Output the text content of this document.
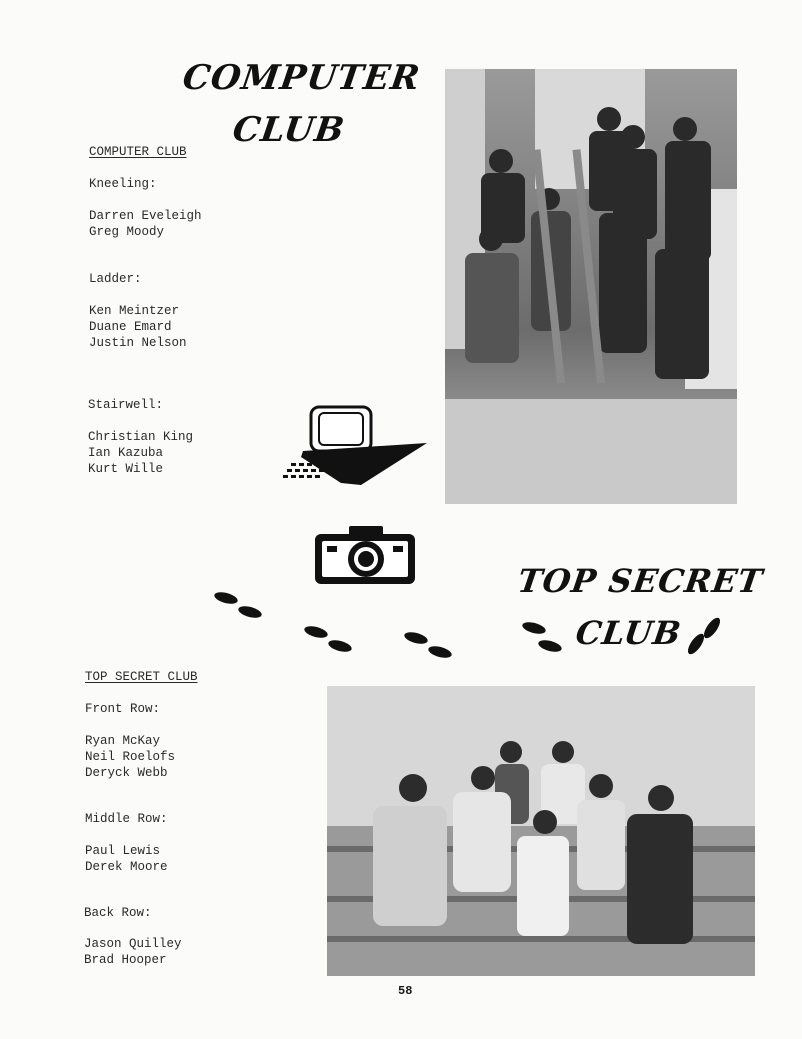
COMPUTER
CLUB
COMPUTER CLUB
Kneeling:
Darren Eveleigh
Greg Moody
Ladder:
Ken Meintzer
Duane Emard
Justin Nelson
Stairwell:
Christian King
Ian Kazuba
Kurt Wille
TOP SECRET
CLUB
TOP SECRET CLUB
Front Row:
Ryan McKay
Neil Roelofs
Deryck Webb
Middle Row:
Paul Lewis
Derek Moore
Back Row:
Jason Quilley
Brad Hooper
58
